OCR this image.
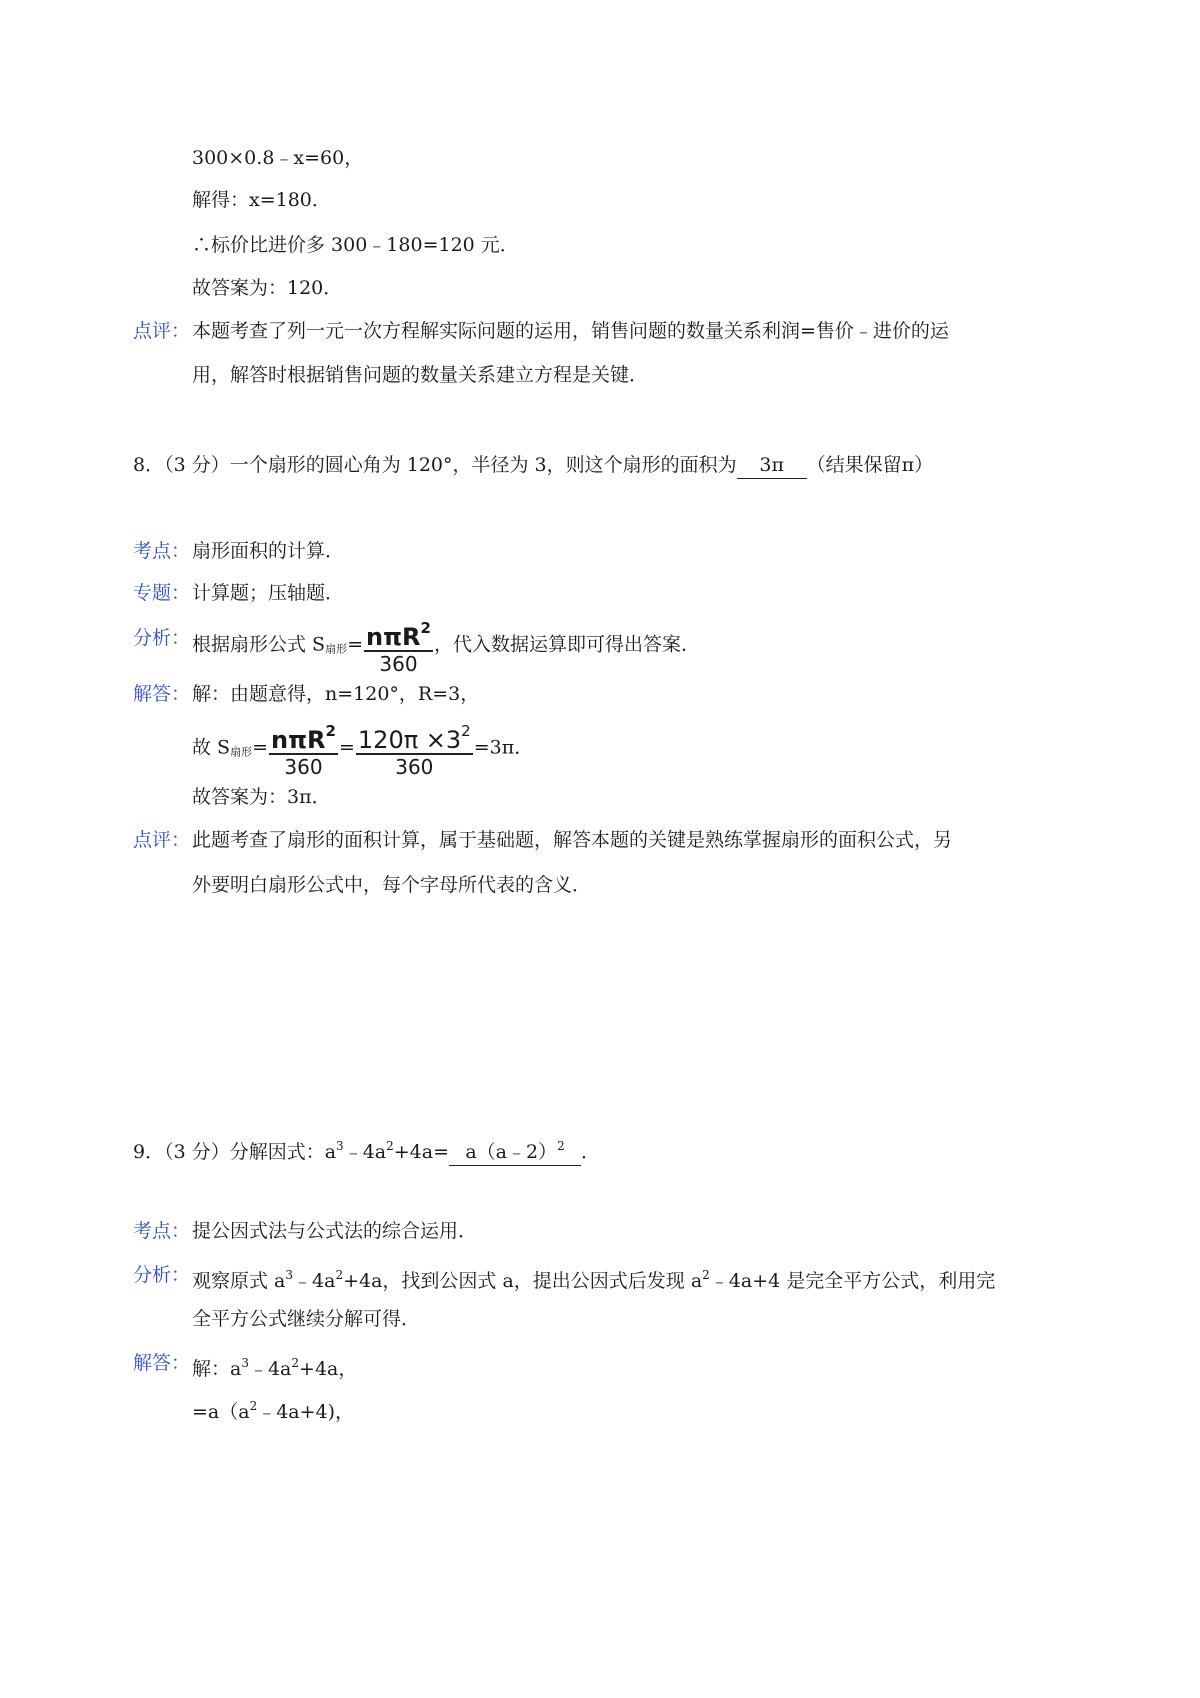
300×0.8﹣x=60，
解得：x=180．
∴标价比进价多 300﹣180=120 元．
故答案为：120．
点评： 本题考查了列一元一次方程解实际问题的运用，销售问题的数量关系利润=售价﹣进价的运
用，解答时根据销售问题的数量关系建立方程是关键．
8．（3 分）一个扇形的圆心角为 120°，半径为 3，则这个扇形的面积为 3π （结果保留π）
考点： 扇形面积的计算．
专题： 计算题；压轴题．
分析： 根据扇形公式 S扇形= $\frac{n\pi R^2}{360}$ ，代入数据运算即可得出答案．
解答： 解：由题意得，n=120°，R=3，
故 S扇形= $\frac{n\pi R^2}{360} = \frac{120\pi \times 3^2}{360} =3\pi$．
故答案为：3π．
点评： 此题考查了扇形的面积计算，属于基础题，解答本题的关键是熟练掌握扇形的面积公式，另
外要明白扇形公式中，每个字母所代表的含义．
9．（3 分）分解因式：$a^3﹣4a^2+4a=$ a（a﹣2）$^2$ ．
考点： 提公因式法与公式法的综合运用．
分析： 观察原式 $a^3﹣4a^2+4a$，找到公因式 a，提出公因式后发现 $a^2﹣4a+4$ 是完全平方公式，利用完
全平方公式继续分解可得．
解答： 解：$a^3﹣4a^2+4a$，
$=a(a^2﹣4a+4)$，
